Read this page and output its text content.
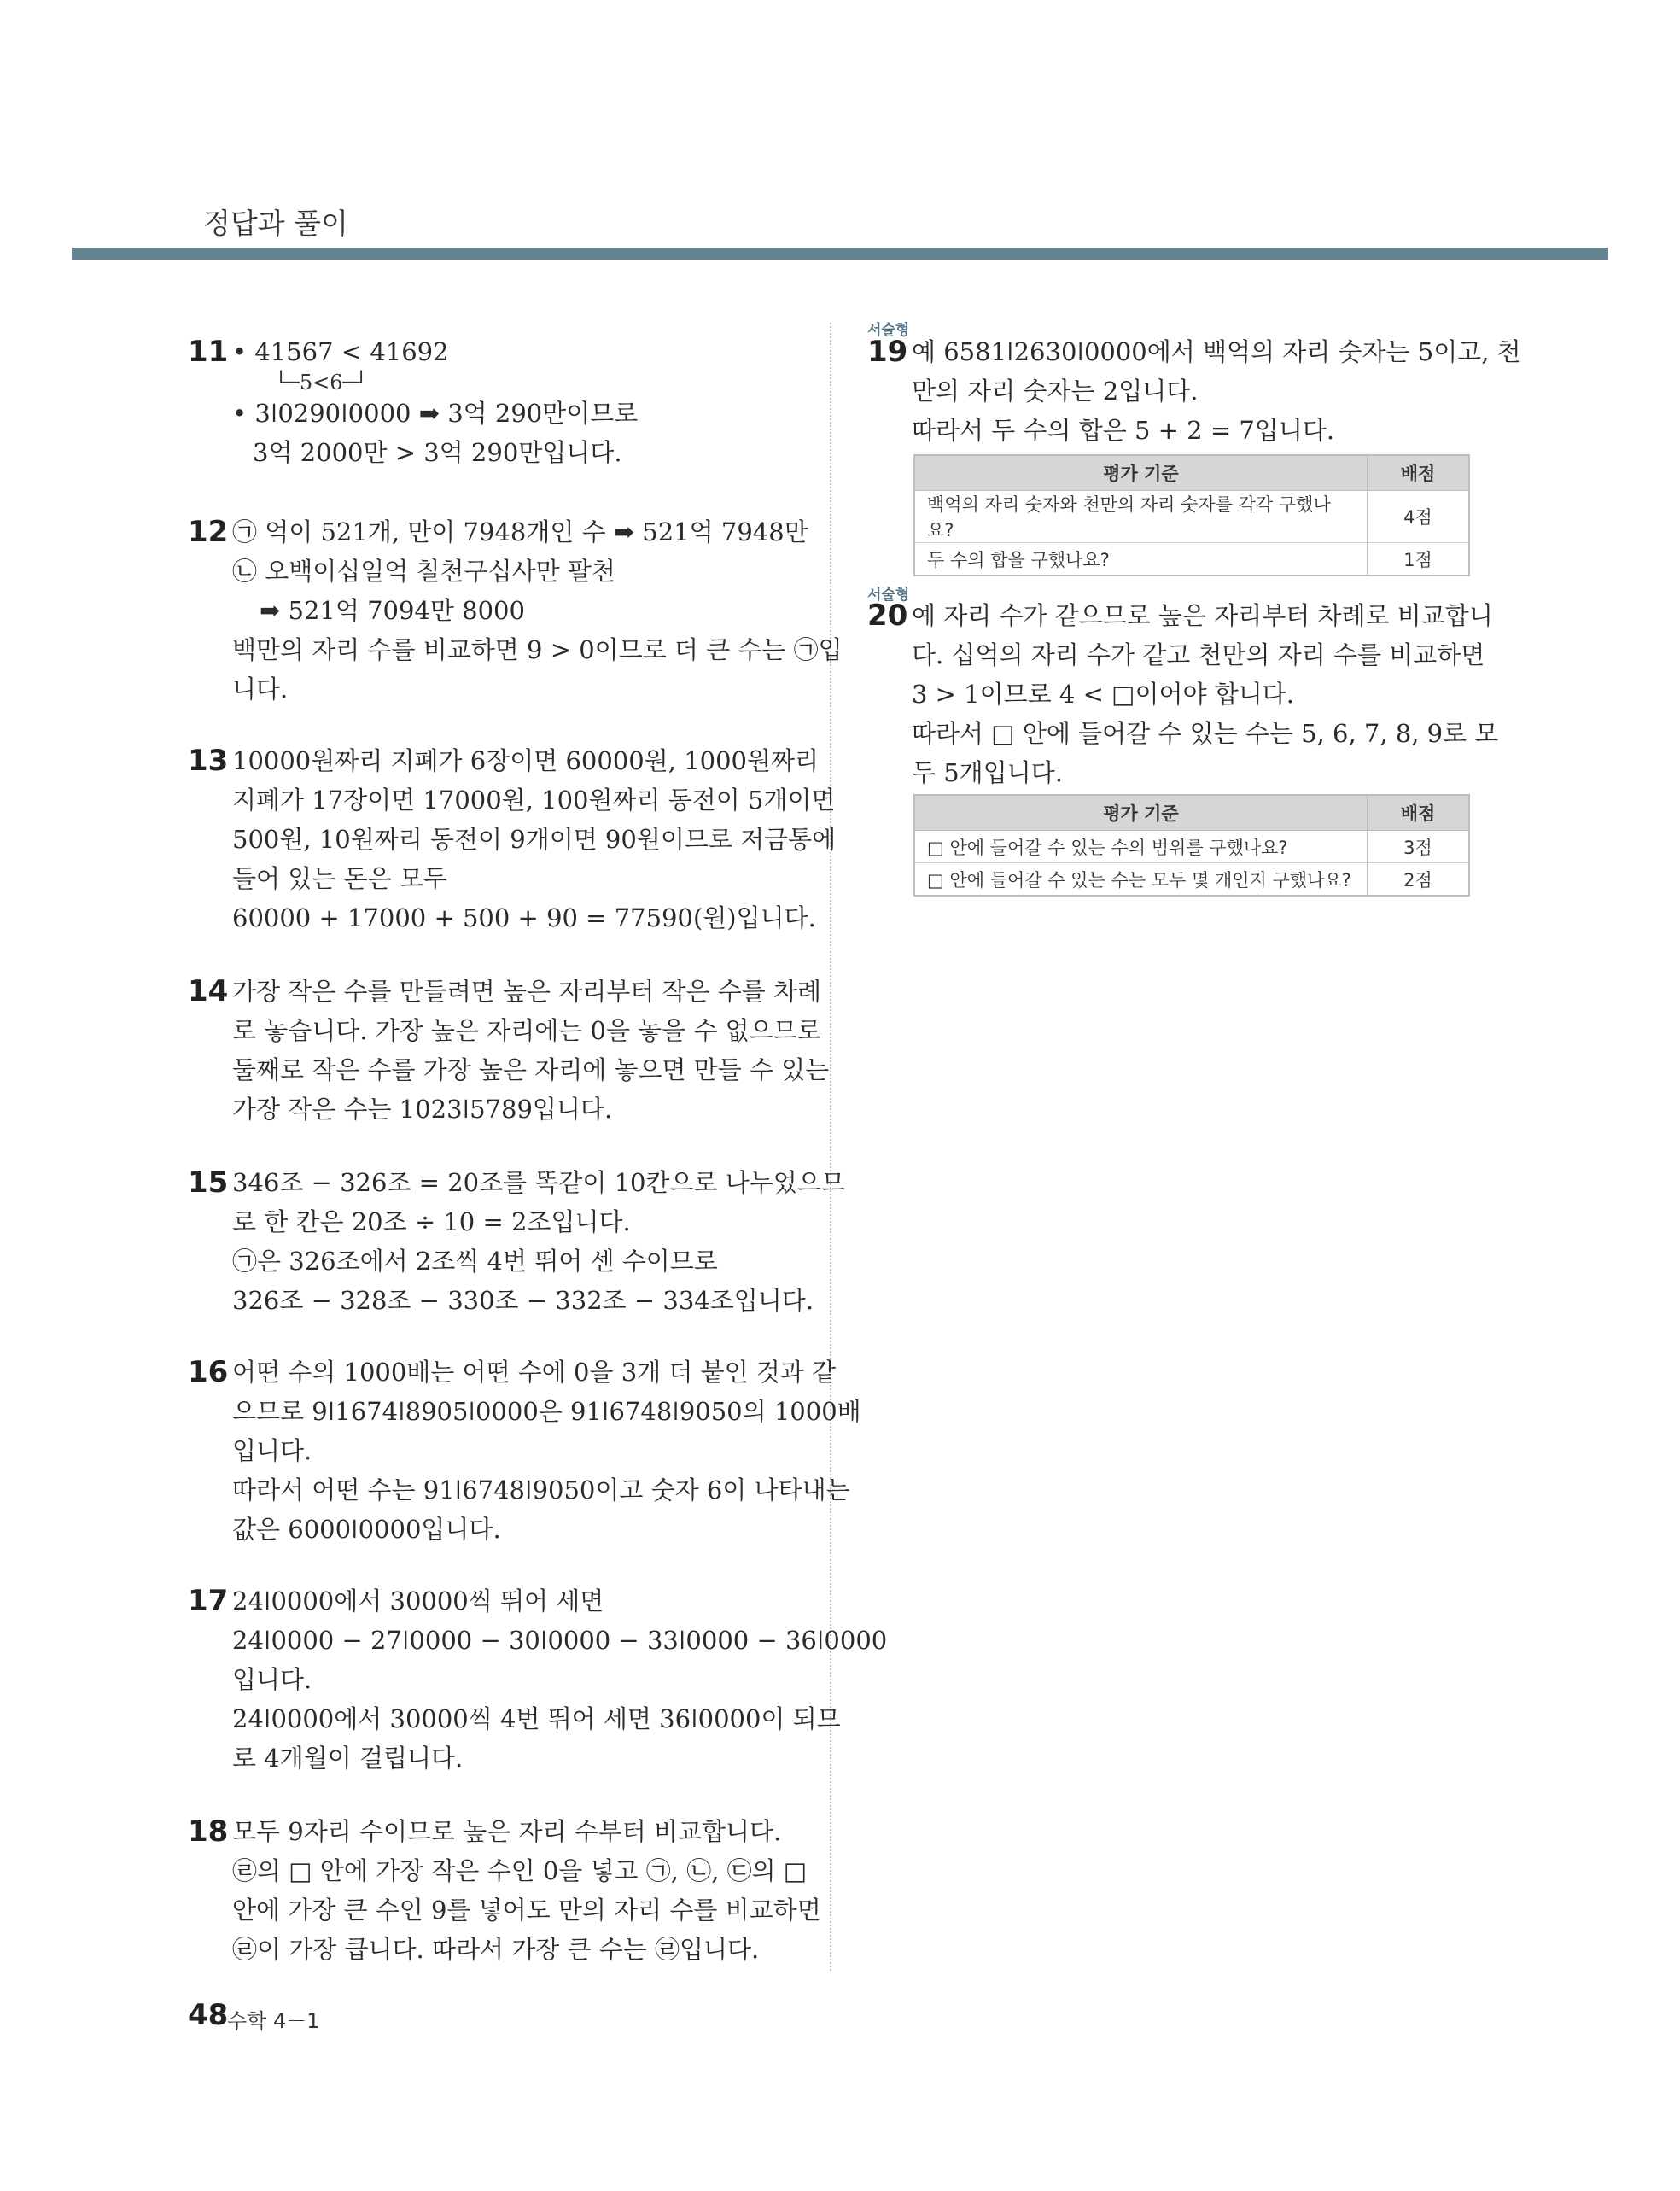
정답과 풀이
11 • 41567 < 41692
└─5<6─┘
• 3ǀ0290ǀ0000 ➡ 3억 290만이므로
3억 2000만 > 3억 290만입니다.
12 ㉠ 억이 521개, 만이 7948개인 수 ➡ 521억 7948만
㉡ 오백이십일억 칠천구십사만 팔천
➡ 521억 7094만 8000
백만의 자리 수를 비교하면 9 > 0이므로 더 큰 수는 ㉠입
니다.
13 10000원짜리 지폐가 6장이면 60000원, 1000원짜리
지폐가 17장이면 17000원, 100원짜리 동전이 5개이면
500원, 10원짜리 동전이 9개이면 90원이므로 저금통에
들어 있는 돈은 모두
60000 + 17000 + 500 + 90 = 77590(원)입니다.
14 가장 작은 수를 만들려면 높은 자리부터 작은 수를 차례
로 놓습니다. 가장 높은 자리에는 0을 놓을 수 없으므로
둘째로 작은 수를 가장 높은 자리에 놓으면 만들 수 있는
가장 작은 수는 1023ǀ5789입니다.
15 346조 − 326조 = 20조를 똑같이 10칸으로 나누었으므
로 한 칸은 20조 ÷ 10 = 2조입니다.
㉠은 326조에서 2조씩 4번 뛰어 센 수이므로
326조 − 328조 − 330조 − 332조 − 334조입니다.
16 어떤 수의 1000배는 어떤 수에 0을 3개 더 붙인 것과 같
으므로 9ǀ1674ǀ8905ǀ0000은 91ǀ6748ǀ9050의 1000배
입니다.
따라서 어떤 수는 91ǀ6748ǀ9050이고 숫자 6이 나타내는
값은 6000ǀ0000입니다.
17 24ǀ0000에서 30000씩 뛰어 세면
24ǀ0000 − 27ǀ0000 − 30ǀ0000 − 33ǀ0000 − 36ǀ0000
입니다.
24ǀ0000에서 30000씩 4번 뛰어 세면 36ǀ0000이 되므
로 4개월이 걸립니다.
18 모두 9자리 수이므로 높은 자리 수부터 비교합니다.
㉣의 □ 안에 가장 작은 수인 0을 넣고 ㉠, ㉡, ㉢의 □
안에 가장 큰 수인 9를 넣어도 만의 자리 수를 비교하면
㉣이 가장 큽니다. 따라서 가장 큰 수는 ㉣입니다.
서술형
19 예 6581ǀ2630ǀ0000에서 백억의 자리 숫자는 5이고, 천
만의 자리 숫자는 2입니다.
따라서 두 수의 합은 5 + 2 = 7입니다.
평가 기준	배점
백억의 자리 숫자와 천만의 자리 숫자를 각각 구했나요?	4점
두 수의 합을 구했나요?	1점
서술형
20 예 자리 수가 같으므로 높은 자리부터 차례로 비교합니
다. 십억의 자리 수가 같고 천만의 자리 수를 비교하면
3 > 1이므로 4 < □이어야 합니다.
따라서 □ 안에 들어갈 수 있는 수는 5, 6, 7, 8, 9로 모
두 5개입니다.
평가 기준	배점
□ 안에 들어갈 수 있는 수의 범위를 구했나요?	3점
□ 안에 들어갈 수 있는 수는 모두 몇 개인지 구했나요?	2점
48
수학 4－1
